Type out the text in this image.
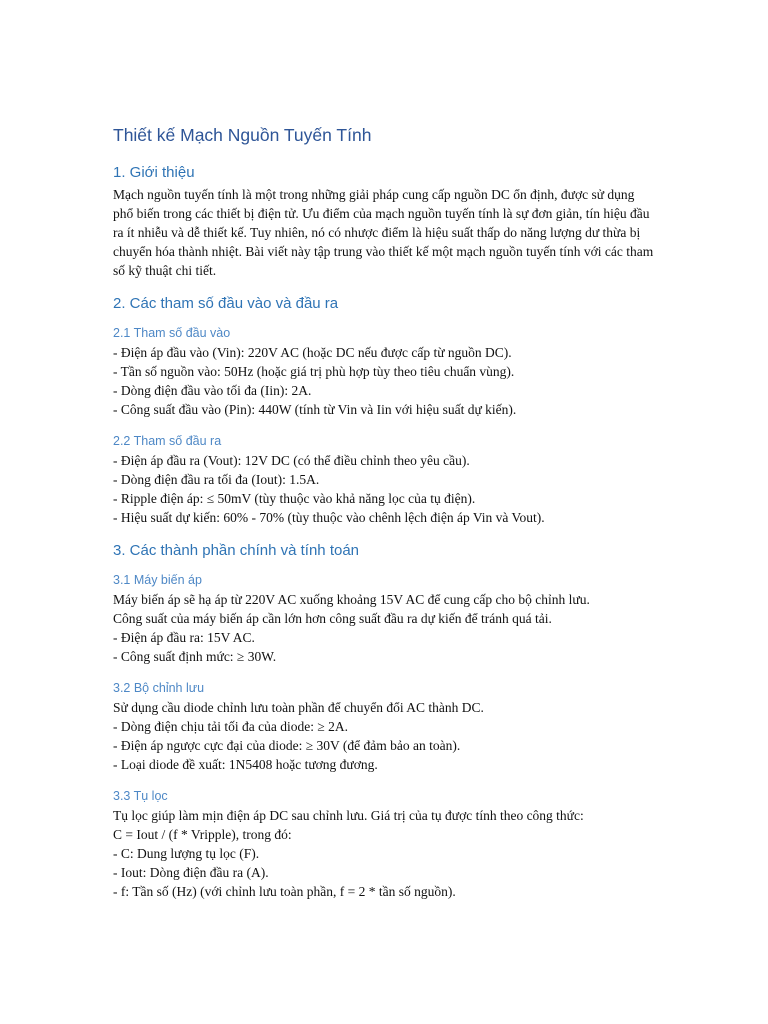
Thiết kế Mạch Nguồn Tuyến Tính
1. Giới thiệu

Mạch nguồn tuyến tính là một trong những giải pháp cung cấp nguồn DC ổn định, được sử dụng phổ biến trong các thiết bị điện tử. Ưu điểm của mạch nguồn tuyến tính là sự đơn giản, tín hiệu đầu ra ít nhiễu và dễ thiết kế. Tuy nhiên, nó có nhược điểm là hiệu suất thấp do năng lượng dư thừa bị chuyển hóa thành nhiệt. Bài viết này tập trung vào thiết kế một mạch nguồn tuyến tính với các tham số kỹ thuật chi tiết.

2. Các tham số đầu vào và đầu ra
2.1 Tham số đầu vào

- Điện áp đầu vào (Vin): 220V AC (hoặc DC nếu được cấp từ nguồn DC).

- Tần số nguồn vào: 50Hz (hoặc giá trị phù hợp tùy theo tiêu chuẩn vùng).

- Dòng điện đầu vào tối đa (Iin): 2A.

- Công suất đầu vào (Pin): 440W (tính từ Vin và Iin với hiệu suất dự kiến).

2.2 Tham số đầu ra

- Điện áp đầu ra (Vout): 12V DC (có thể điều chỉnh theo yêu cầu).

- Dòng điện đầu ra tối đa (Iout): 1.5A.

- Ripple điện áp: ≤ 50mV (tùy thuộc vào khả năng lọc của tụ điện).

- Hiệu suất dự kiến: 60% - 70% (tùy thuộc vào chênh lệch điện áp Vin và Vout).

3. Các thành phần chính và tính toán
3.1 Máy biến áp

Máy biến áp sẽ hạ áp từ 220V AC xuống khoảng 15V AC để cung cấp cho bộ chỉnh lưu.

Công suất của máy biến áp cần lớn hơn công suất đầu ra dự kiến để tránh quá tải.

- Điện áp đầu ra: 15V AC.

- Công suất định mức: ≥ 30W.

3.2 Bộ chỉnh lưu

Sử dụng cầu diode chỉnh lưu toàn phần để chuyển đổi AC thành DC.

- Dòng điện chịu tải tối đa của diode: ≥ 2A.

- Điện áp ngược cực đại của diode: ≥ 30V (để đảm bảo an toàn).

- Loại diode đề xuất: 1N5408 hoặc tương đương.

3.3 Tụ lọc

Tụ lọc giúp làm mịn điện áp DC sau chỉnh lưu. Giá trị của tụ được tính theo công thức:

C = Iout / (f * Vripple), trong đó:

- C: Dung lượng tụ lọc (F).

- Iout: Dòng điện đầu ra (A).

- f: Tần số (Hz) (với chỉnh lưu toàn phần, f = 2 * tần số nguồn).
